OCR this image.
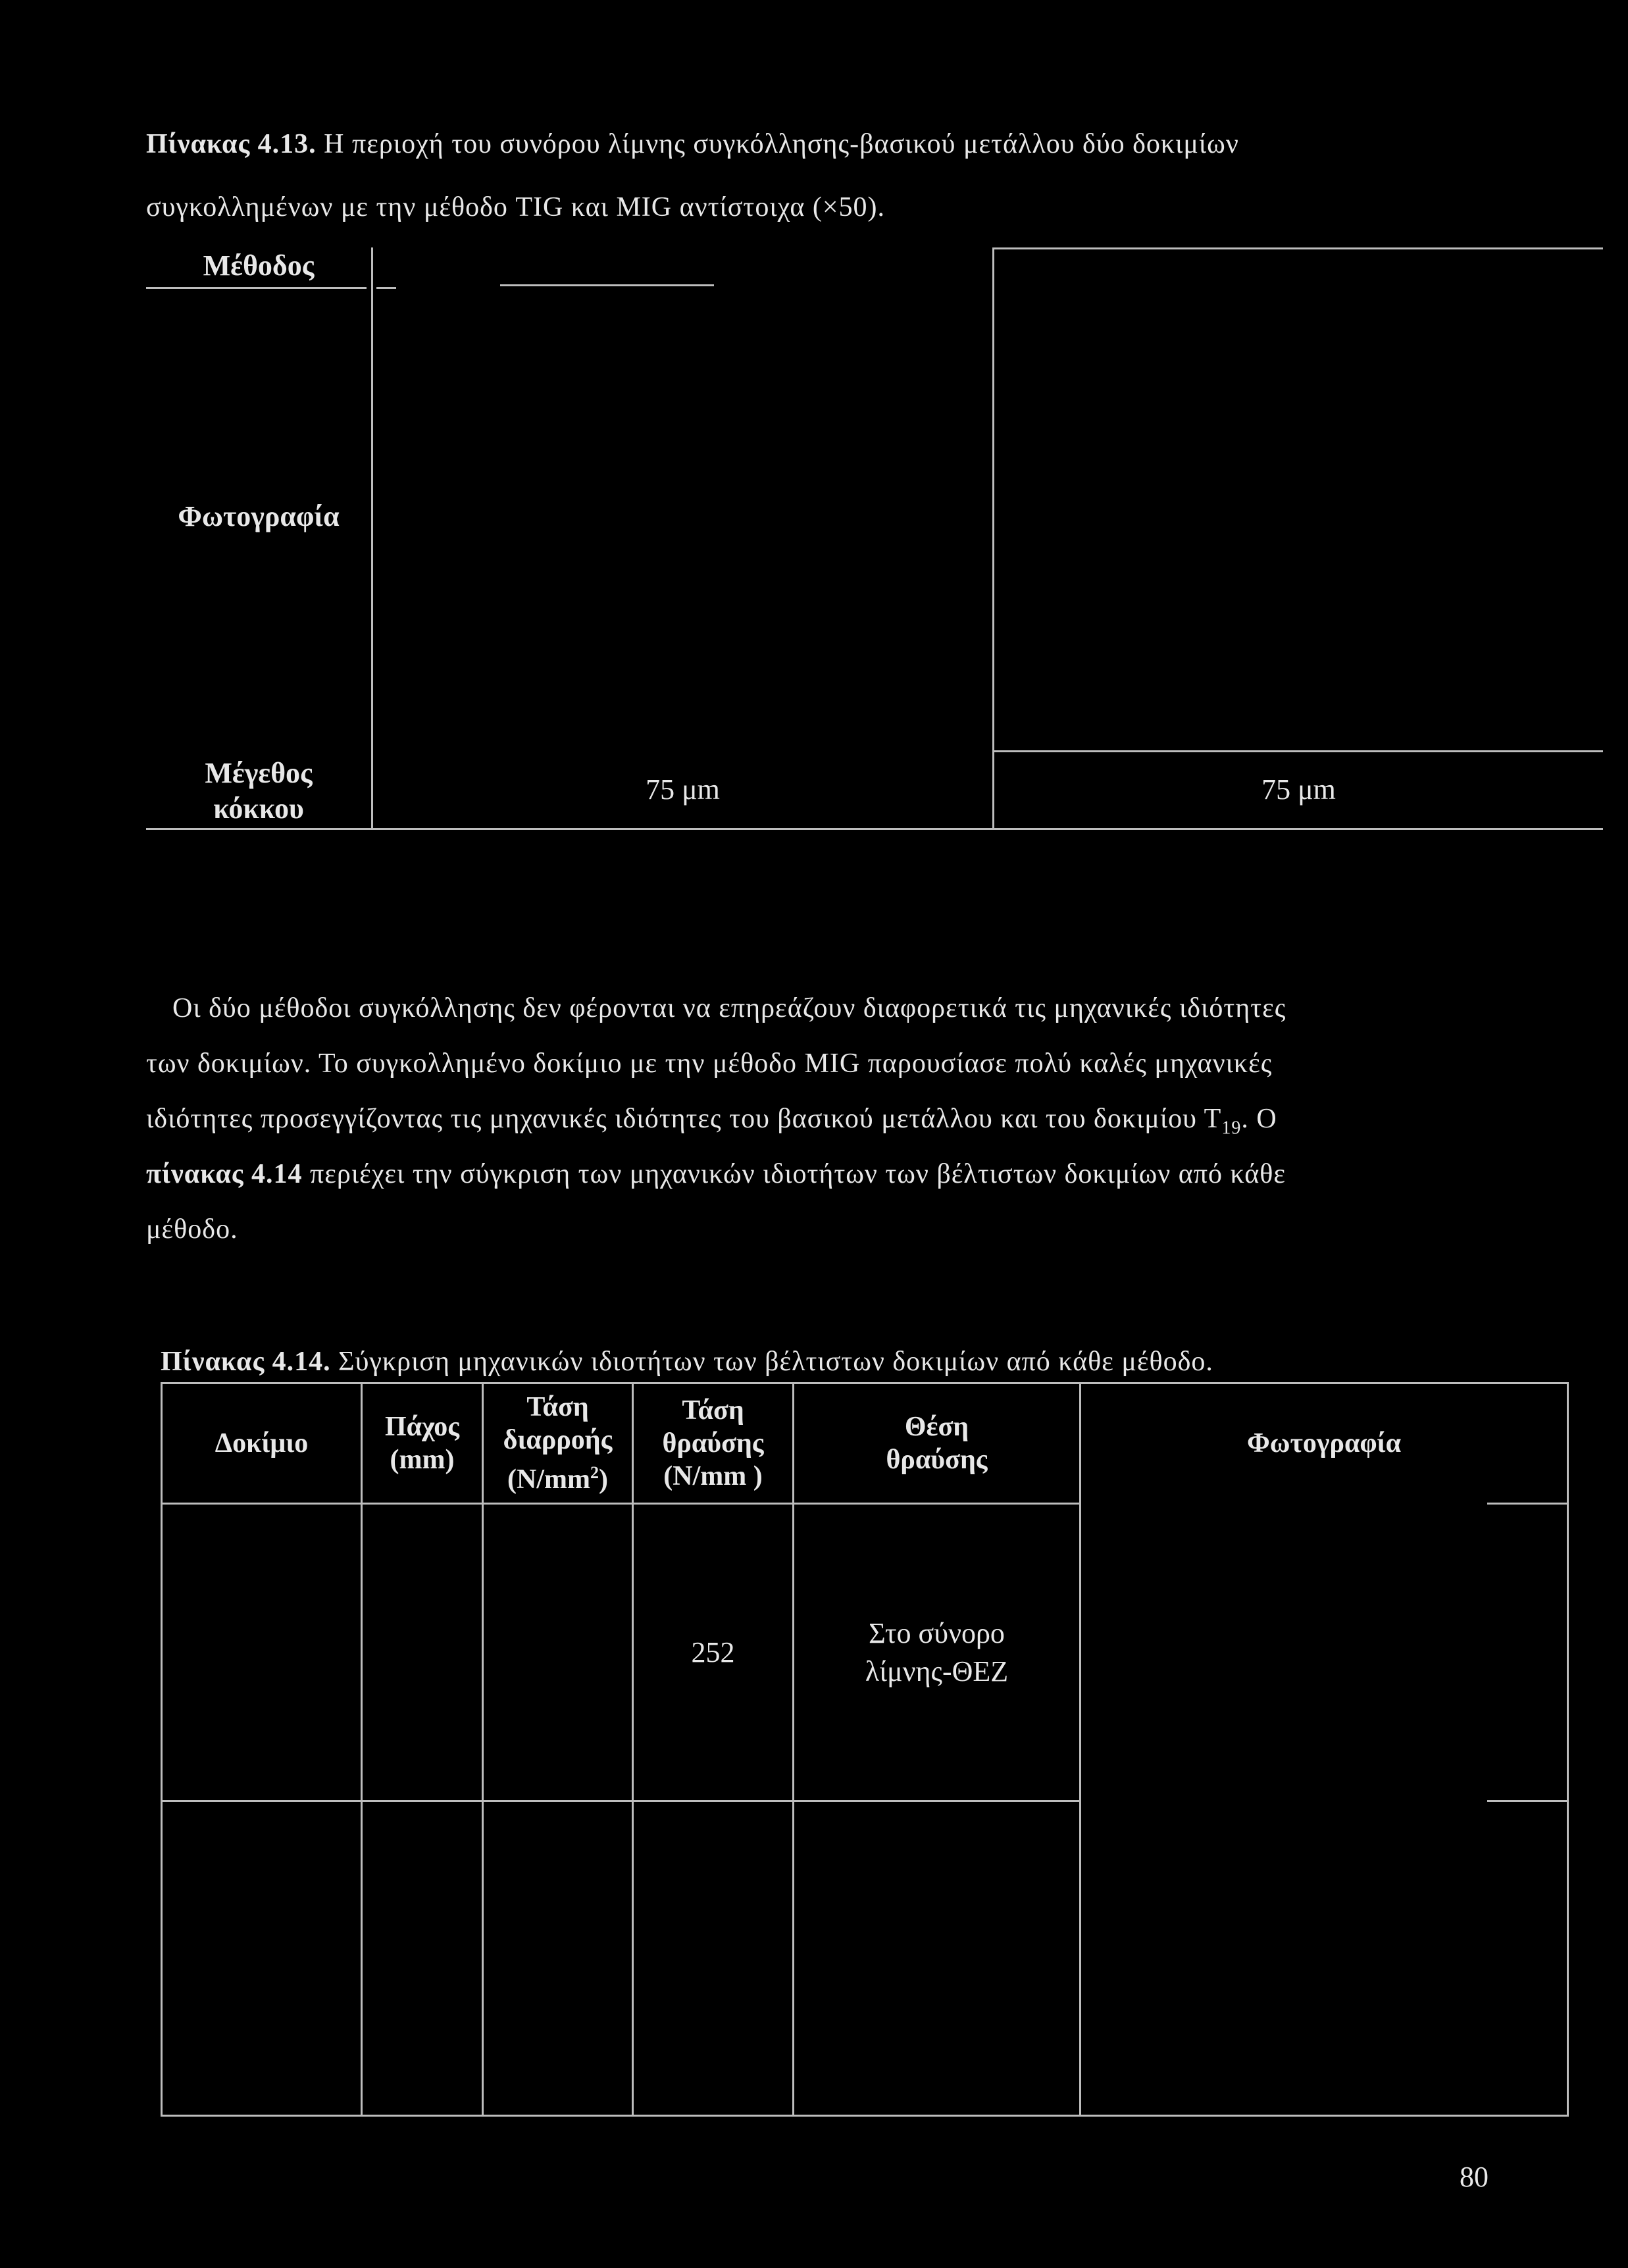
Πίνακας 4.13. Η περιοχή του συνόρου λίμνης συγκόλλησης-βασικού μετάλλου δύο δοκιμίων
συγκολλημένων με την μέθοδο TIG και MIG αντίστοιχα (×50).
Μέθοδος
Φωτογραφία
Μέγεθος
κόκκου
75 μm	75 μm
Οι δύο μέθοδοι συγκόλλησης δεν φέρονται να επηρεάζουν διαφορετικά τις μηχανικές ιδιότητες
των δοκιμίων. Το συγκολλημένο δοκίμιο με την μέθοδο MIG παρουσίασε πολύ καλές μηχανικές
ιδιότητες προσεγγίζοντας τις μηχανικές ιδιότητες του βασικού μετάλλου και του δοκιμίου $T_{19}$. Ο
πίνακας 4.14 περιέχει την σύγκριση των μηχανικών ιδιοτήτων των βέλτιστων δοκιμίων από κάθε
μέθοδο.
Πίνακας 4.14. Σύγκριση μηχανικών ιδιοτήτων των βέλτιστων δοκιμίων από κάθε μέθοδο.
Δοκίμιο
Πάχος
(mm)
Τάση
διαρροής
$(N/mm^2)$
Τάση
θραύσης
(N/mm )
Θέση
θραύσης
Φωτογραφία
252
Στο σύνορο
λίμνης-ΘΕΖ
80
